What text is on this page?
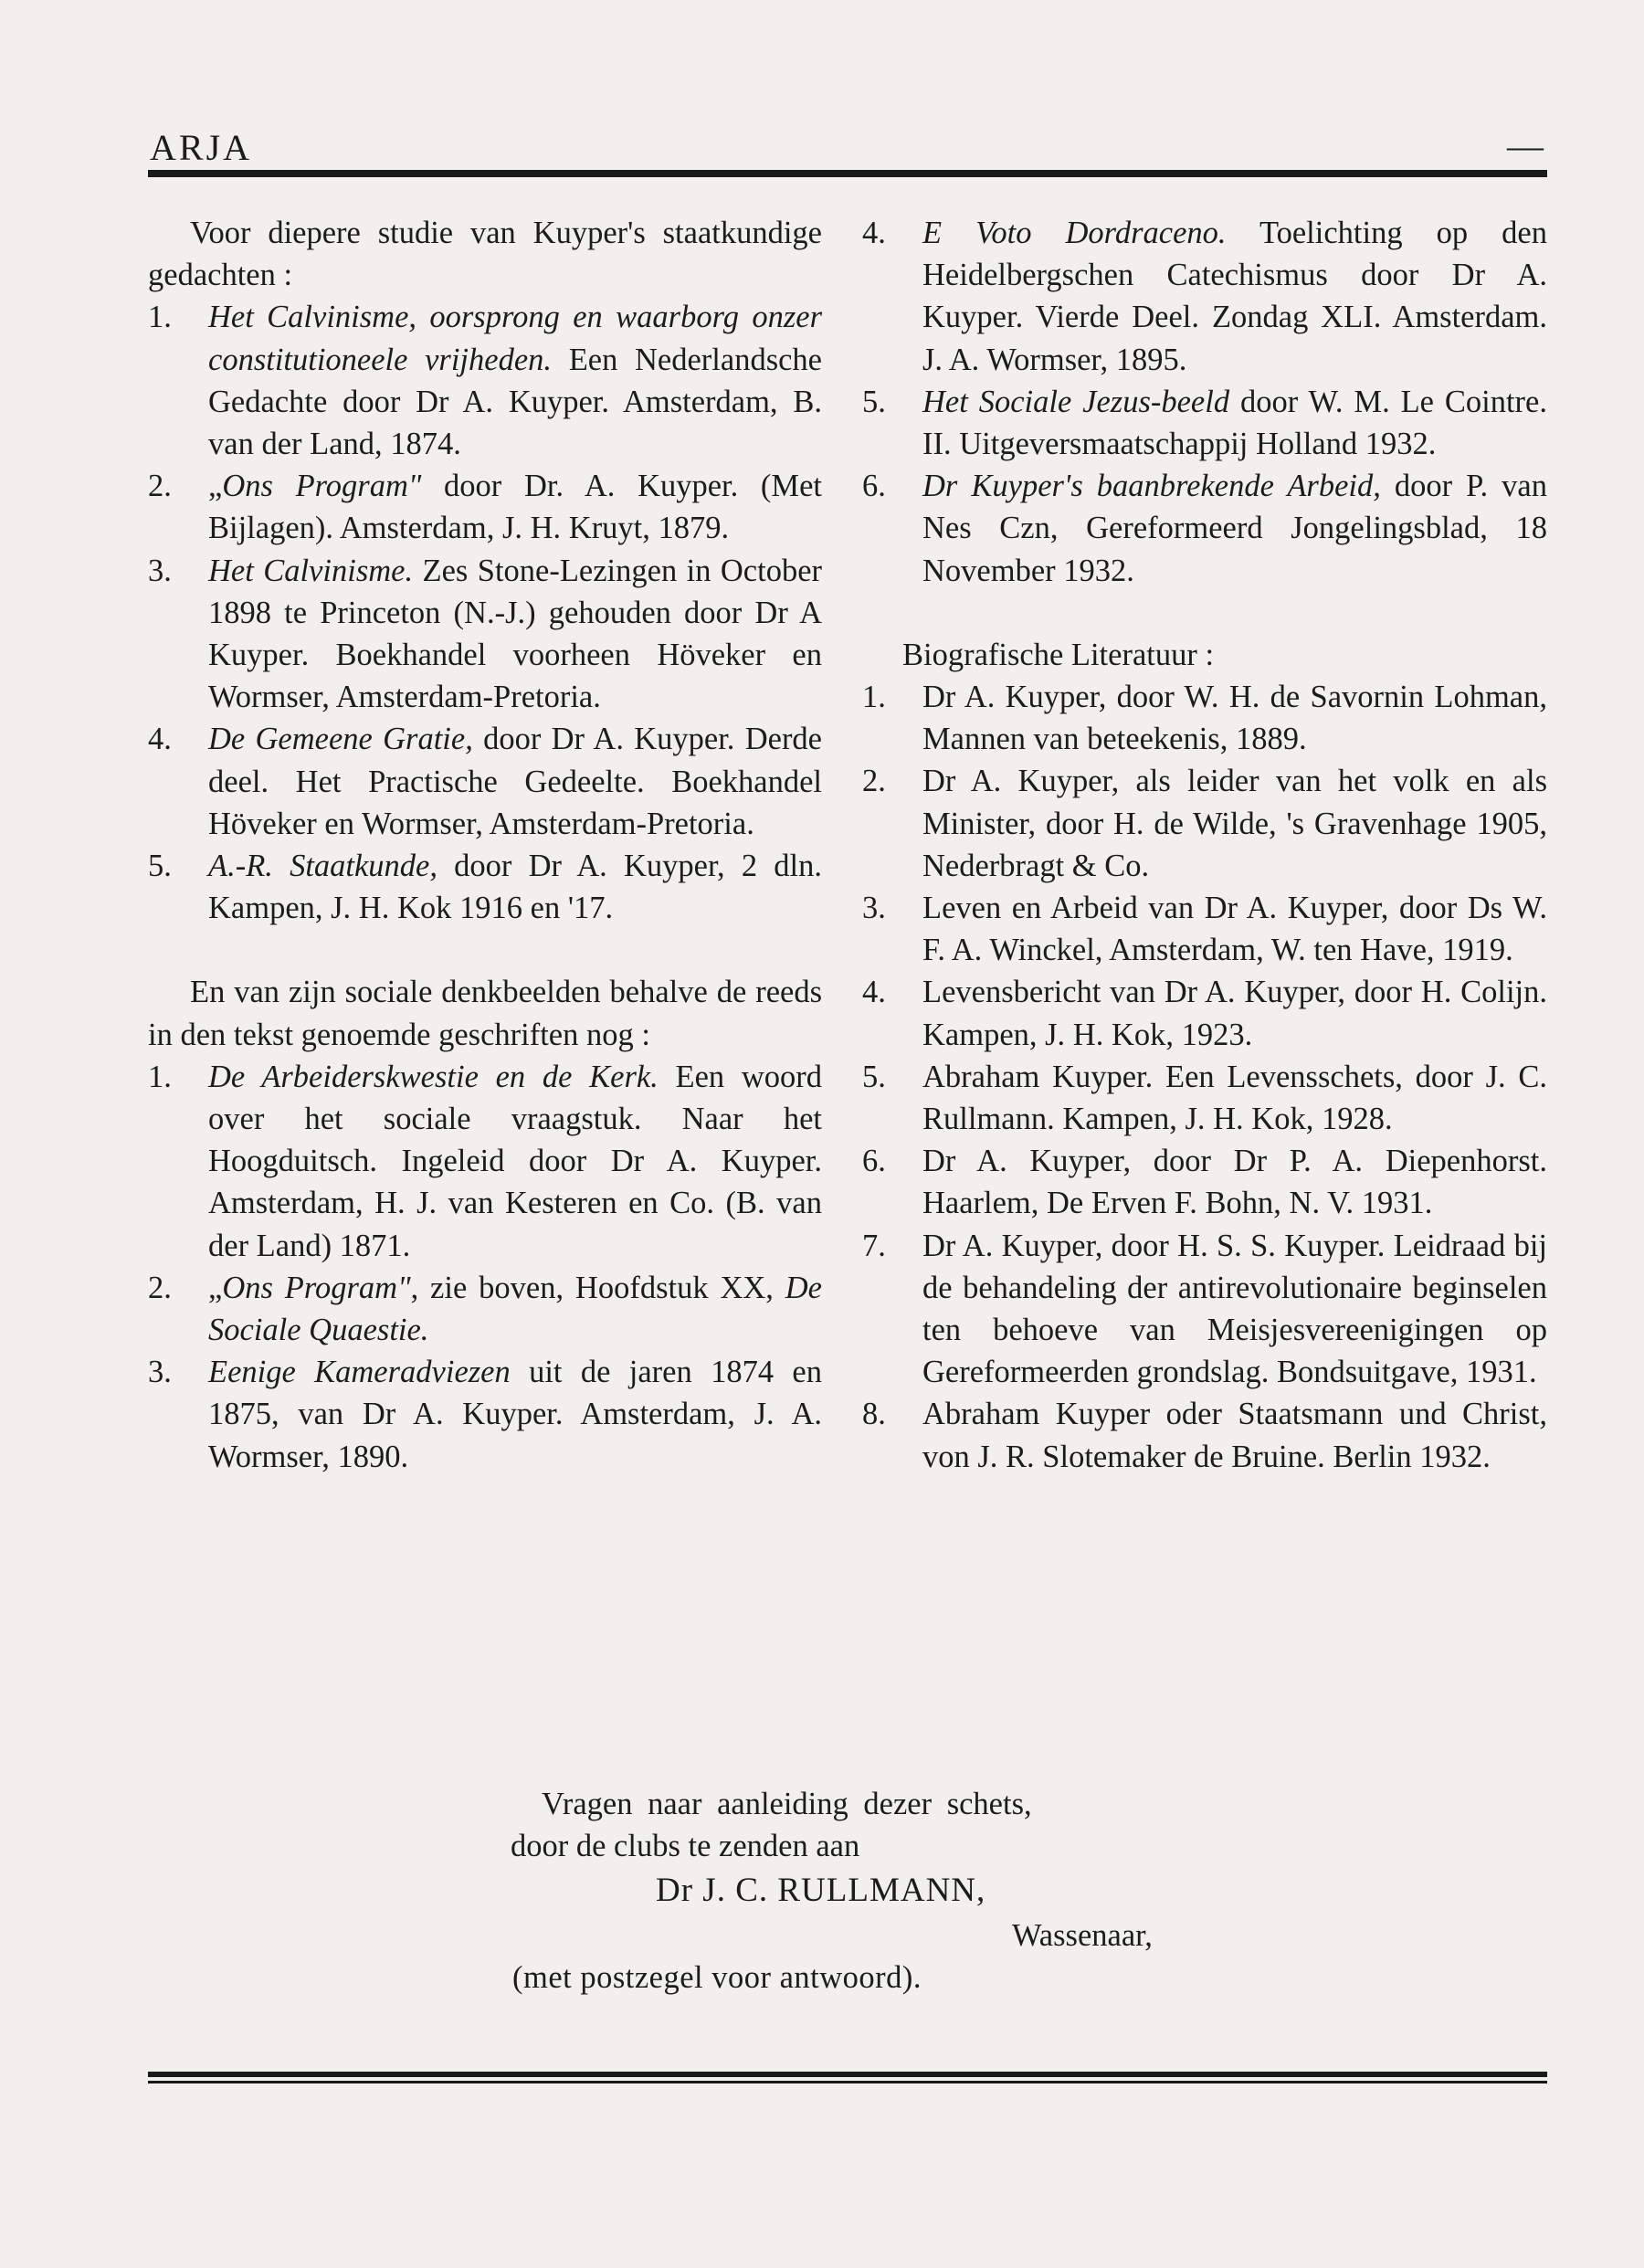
ARJA	—

Voor diepere studie van Kuyper's staatkundige gedachten :

1.	Het Calvinisme, oorsprong en waarborg onzer constitutioneele vrijheden. Een Nederlandsche Gedachte door Dr A. Kuyper. Amsterdam, B. van der Land, 1874.
2.	„Ons Program" door Dr. A. Kuyper. (Met Bijlagen). Amsterdam, J. H. Kruyt, 1879.
3.	Het Calvinisme. Zes Stone-Lezingen in October 1898 te Princeton (N.-J.) gehouden door Dr A Kuyper. Boekhandel voorheen Höveker en Wormser, Amsterdam-Pretoria.
4.	De Gemeene Gratie, door Dr A. Kuyper. Derde deel. Het Practische Gedeelte. Boekhandel Höveker en Wormser, Amsterdam-Pretoria.
5.	A.-R. Staatkunde, door Dr A. Kuyper, 2 dln. Kampen, J. H. Kok 1916 en '17.

En van zijn sociale denkbeelden behalve de reeds in den tekst genoemde geschriften nog :

1.	De Arbeiderskwestie en de Kerk. Een woord over het sociale vraagstuk. Naar het Hoogduitsch. Ingeleid door Dr A. Kuyper. Amsterdam, H. J. van Kesteren en Co. (B. van der Land) 1871.
2.	„Ons Program", zie boven, Hoofdstuk XX, De Sociale Quaestie.
3.	Eenige Kameradviezen uit de jaren 1874 en 1875, van Dr A. Kuyper. Amsterdam, J. A. Wormser, 1890.
4.	E Voto Dordraceno. Toelichting op den Heidelbergschen Catechismus door Dr A. Kuyper. Vierde Deel. Zondag XLI. Amsterdam. J. A. Wormser, 1895.
5.	Het Sociale Jezus-beeld door W. M. Le Cointre. II. Uitgeversmaatschappij Holland 1932.
6.	Dr Kuyper's baanbrekende Arbeid, door P. van Nes Czn, Gereformeerd Jongelingsblad, 18 November 1932.

Biografische Literatuur :

1.	Dr A. Kuyper, door W. H. de Savornin Lohman, Mannen van beteekenis, 1889.
2.	Dr A. Kuyper, als leider van het volk en als Minister, door H. de Wilde, 's Gravenhage 1905, Nederbragt & Co.
3.	Leven en Arbeid van Dr A. Kuyper, door Ds W. F. A. Winckel, Amsterdam, W. ten Have, 1919.
4.	Levensbericht van Dr A. Kuyper, door H. Colijn. Kampen, J. H. Kok, 1923.
5.	Abraham Kuyper. Een Levensschets, door J. C. Rullmann. Kampen, J. H. Kok, 1928.
6.	Dr A. Kuyper, door Dr P. A. Diepenhorst. Haarlem, De Erven F. Bohn, N. V. 1931.
7.	Dr A. Kuyper, door H. S. S. Kuyper. Leidraad bij de behandeling der antirevolutionaire beginselen ten behoeve van Meisjesvereenigingen op Gereformeerden grondslag. Bondsuitgave, 1931.
8.	Abraham Kuyper oder Staatsmann und Christ, von J. R. Slotemaker de Bruine. Berlin 1932.
Vragen naar aanleiding dezer schets,
door de clubs te zenden aan
Dr J. C. RULLMANN,
Wassenaar,
(met postzegel voor antwoord).
